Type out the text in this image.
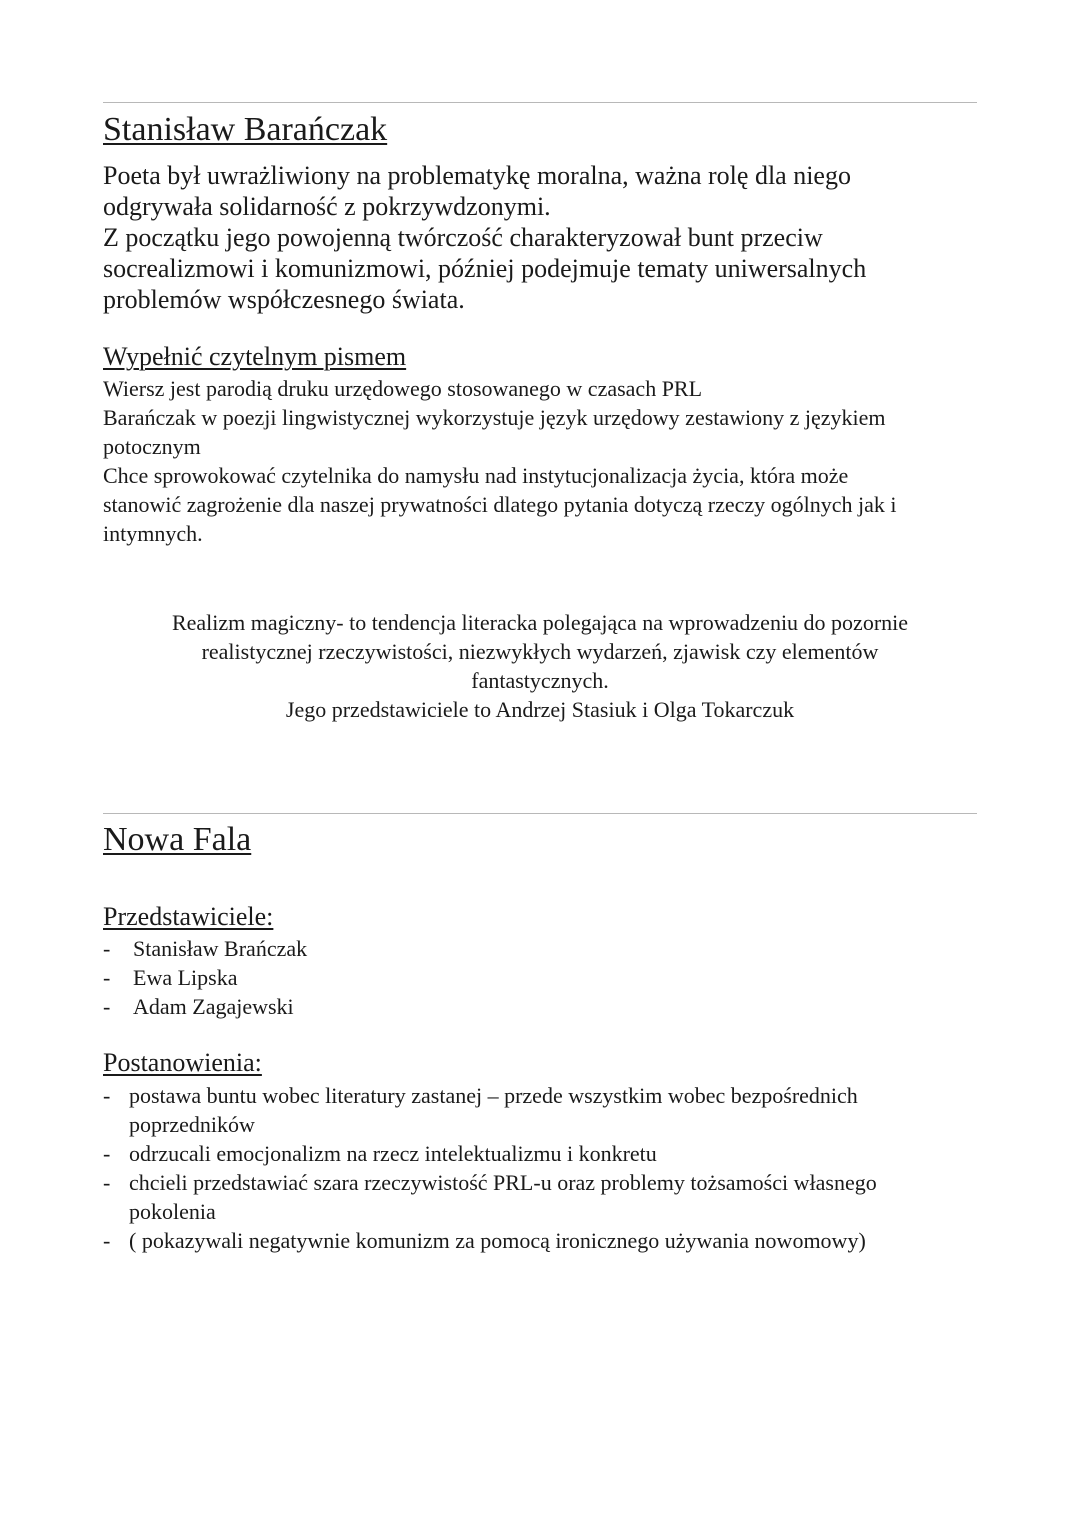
Stanisław Barańczak
Poeta był uwrażliwiony na problematykę moralna, ważna rolę dla niego
odgrywała solidarność z pokrzywdzonymi.
Z początku jego powojenną twórczość charakteryzował bunt przeciw
socrealizmowi i komunizmowi, później podejmuje tematy uniwersalnych
problemów współczesnego świata.
Wypełnić czytelnym pismem
Wiersz jest parodią druku urzędowego stosowanego w czasach PRL
Barańczak w poezji lingwistycznej wykorzystuje język urzędowy zestawiony z językiem
potocznym
Chce sprowokować czytelnika do namysłu nad instytucjonalizacja życia, która może
stanowić zagrożenie dla naszej prywatności dlatego pytania dotyczą rzeczy ogólnych jak i
intymnych.
Realizm magiczny- to tendencja literacka polegająca na wprowadzeniu do pozornie
realistycznej rzeczywistości, niezwykłych wydarzeń, zjawisk czy elementów
fantastycznych.
Jego przedstawiciele to Andrzej Stasiuk i Olga Tokarczuk
Nowa Fala
Przedstawiciele:
- Stanisław Brańczak
- Ewa Lipska
- Adam Zagajewski
Postanowienia:
- postawa buntu wobec literatury zastanej – przede wszystkim wobec bezpośrednich
poprzedników
- odrzucali emocjonalizm na rzecz intelektualizmu i konkretu
- chcieli przedstawiać szara rzeczywistość PRL-u oraz problemy tożsamości własnego
pokolenia
- ( pokazywali negatywnie komunizm za pomocą ironicznego używania nowomowy)
